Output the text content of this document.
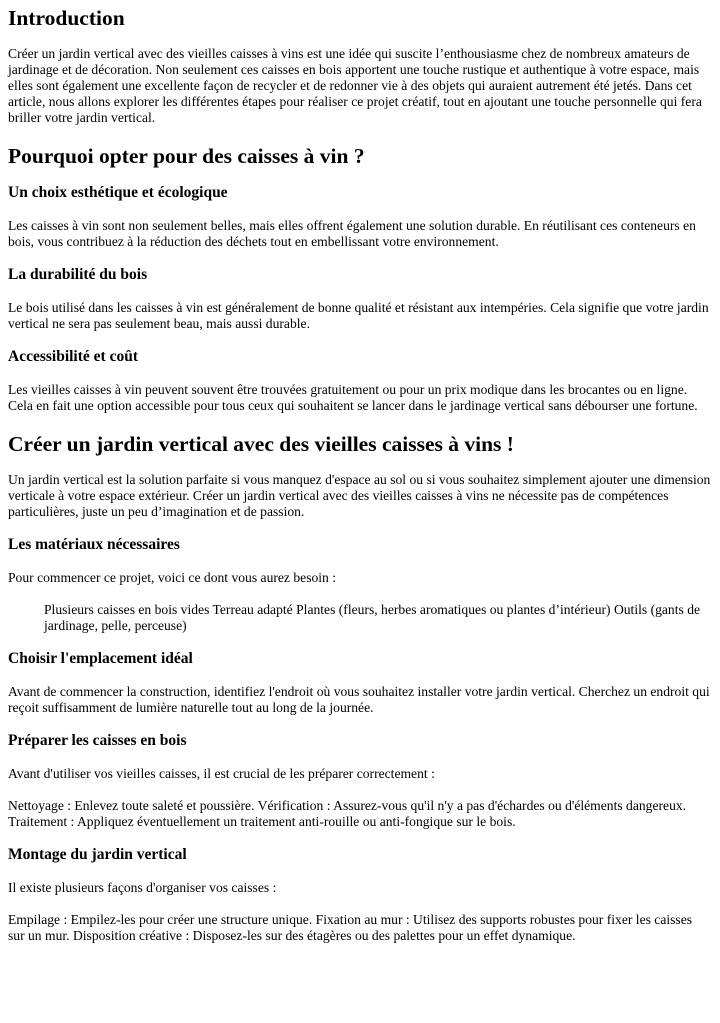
Introduction

Créer un jardin vertical avec des vieilles caisses à vins est une idée qui suscite l’enthousiasme chez de nombreux amateurs de jardinage et de décoration. Non seulement ces caisses en bois apportent une touche rustique et authentique à votre espace, mais elles sont également une excellente façon de recycler et de redonner vie à des objets qui auraient autrement été jetés. Dans cet article, nous allons explorer les différentes étapes pour réaliser ce projet créatif, tout en ajoutant une touche personnelle qui fera briller votre jardin vertical.

Pourquoi opter pour des caisses à vin ?
Un choix esthétique et écologique

Les caisses à vin sont non seulement belles, mais elles offrent également une solution durable. En réutilisant ces conteneurs en bois, vous contribuez à la réduction des déchets tout en embellissant votre environnement.

La durabilité du bois

Le bois utilisé dans les caisses à vin est généralement de bonne qualité et résistant aux intempéries. Cela signifie que votre jardin vertical ne sera pas seulement beau, mais aussi durable.

Accessibilité et coût

Les vieilles caisses à vin peuvent souvent être trouvées gratuitement ou pour un prix modique dans les brocantes ou en ligne. Cela en fait une option accessible pour tous ceux qui souhaitent se lancer dans le jardinage vertical sans débourser une fortune.

Créer un jardin vertical avec des vieilles caisses à vins !

Un jardin vertical est la solution parfaite si vous manquez d'espace au sol ou si vous souhaitez simplement ajouter une dimension verticale à votre espace extérieur. Créer un jardin vertical avec des vieilles caisses à vins ne nécessite pas de compétences particulières, juste un peu d’imagination et de passion.

Les matériaux nécessaires

Pour commencer ce projet, voici ce dont vous aurez besoin :

Plusieurs caisses en bois vides Terreau adapté Plantes (fleurs, herbes aromatiques ou plantes d’intérieur) Outils (gants de jardinage, pelle, perceuse)
Choisir l'emplacement idéal

Avant de commencer la construction, identifiez l'endroit où vous souhaitez installer votre jardin vertical. Cherchez un endroit qui reçoit suffisamment de lumière naturelle tout au long de la journée.

Préparer les caisses en bois

Avant d'utiliser vos vieilles caisses, il est crucial de les préparer correctement :

Nettoyage : Enlevez toute saleté et poussière. Vérification : Assurez-vous qu'il n'y a pas d'échardes ou d'éléments dangereux. Traitement : Appliquez éventuellement un traitement anti-rouille ou anti-fongique sur le bois.

Montage du jardin vertical

Il existe plusieurs façons d'organiser vos caisses :

Empilage : Empilez-les pour créer une structure unique. Fixation au mur : Utilisez des supports robustes pour fixer les caisses sur un mur. Disposition créative : Disposez-les sur des étagères ou des palettes pour un effet dynamique.
